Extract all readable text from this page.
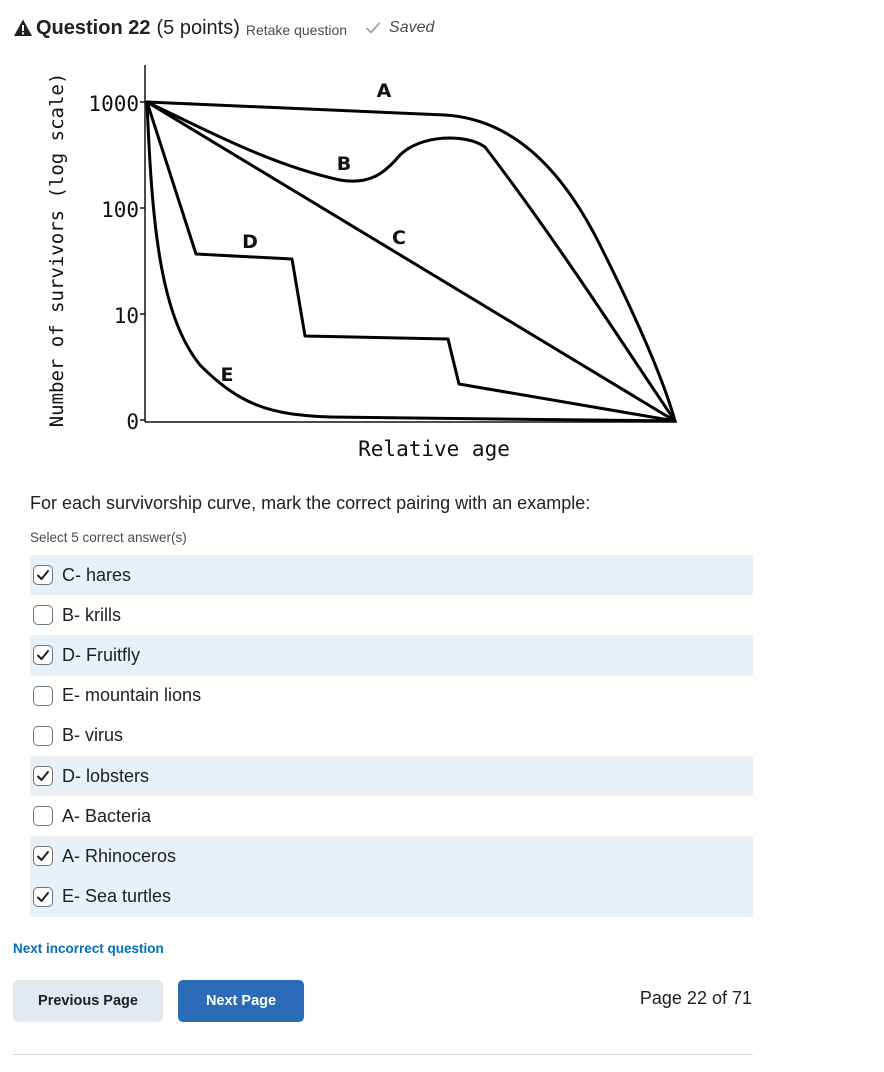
Question 22 (5 points) Retake question	Saved
Number of survivors (log scale) 1000
100
10
0
A
B
C
D
E
Relative age
For each survivorship curve, mark the correct pairing with an example:
Select 5 correct answer(s)
C- hares
B- krills
D- Fruitfly
E- mountain lions
B- virus
D- lobsters
A- Bacteria
A- Rhinoceros
E- Sea turtles
Next incorrect question
Previous Page	Next Page	Page 22 of 71
